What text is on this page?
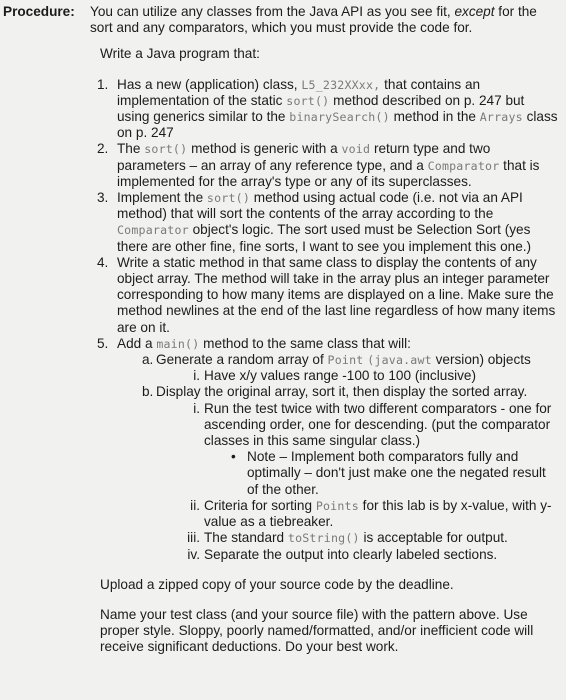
Procedure: You can utilize any classes from the Java API as you see fit, except for the sort and any comparators, which you must provide the code for.

Write a Java program that:

1. Has a new (application) class, L5_232XXxx, that contains an implementation of the static sort() method described on p. 247 but using generics similar to the binarySearch() method in the Arrays class on p. 247
2. The sort() method is generic with a void return type and two parameters – an array of any reference type, and a Comparator that is implemented for the array's type or any of its superclasses.
3. Implement the sort() method using actual code (i.e. not via an API method) that will sort the contents of the array according to the Comparator object's logic. The sort used must be Selection Sort (yes there are other fine, fine sorts, I want to see you implement this one.)
4. Write a static method in that same class to display the contents of any object array. The method will take in the array plus an integer parameter corresponding to how many items are displayed on a line. Make sure the method newlines at the end of the last line regardless of how many items are on it.
5. Add a main() method to the same class that will:
a. Generate a random array of Point (java.awt version) objects
i. Have x/y values range -100 to 100 (inclusive)
b. Display the original array, sort it, then display the sorted array.
i. Run the test twice with two different comparators - one for ascending order, one for descending. (put the comparator classes in this same singular class.)
• Note – Implement both comparators fully and optimally – don't just make one the negated result of the other.
ii. Criteria for sorting Points for this lab is by x-value, with y-value as a tiebreaker.
iii. The standard toString() is acceptable for output.
iv. Separate the output into clearly labeled sections.

Upload a zipped copy of your source code by the deadline.

Name your test class (and your source file) with the pattern above. Use proper style. Sloppy, poorly named/formatted, and/or inefficient code will receive significant deductions. Do your best work.
